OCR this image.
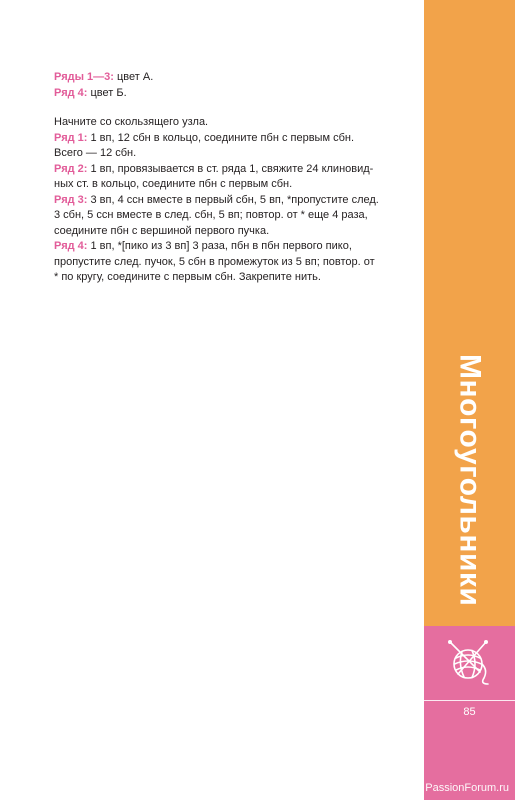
Ряды 1—3: цвет А.

Ряд 4: цвет Б.

Начните со скользящего узла.

Ряд 1: 1 вп, 12 сбн в кольцо, соедините пбн с первым сбн.

Всего — 12 сбн.

Ряд 2: 1 вп, провязывается в ст. ряда 1, свяжите 24 клиновид-

ных ст. в кольцо, соедините пбн с первым сбн.

Ряд 3: 3 вп, 4 ссн вместе в первый сбн, 5 вп, *пропустите след.

3 сбн, 5 ссн вместе в след. сбн, 5 вп; повтор. от * еще 4 раза,

соедините пбн с вершиной первого пучка.

Ряд 4: 1 вп, *[пико из 3 вп] 3 раза, пбн в пбн первого пико,

пропустите след. пучок, 5 сбн в промежуток из 5 вп; повтор. от

* по кругу, соедините с первым сбн. Закрепите нить.

Многоугольники
85
PassionForum.ru
